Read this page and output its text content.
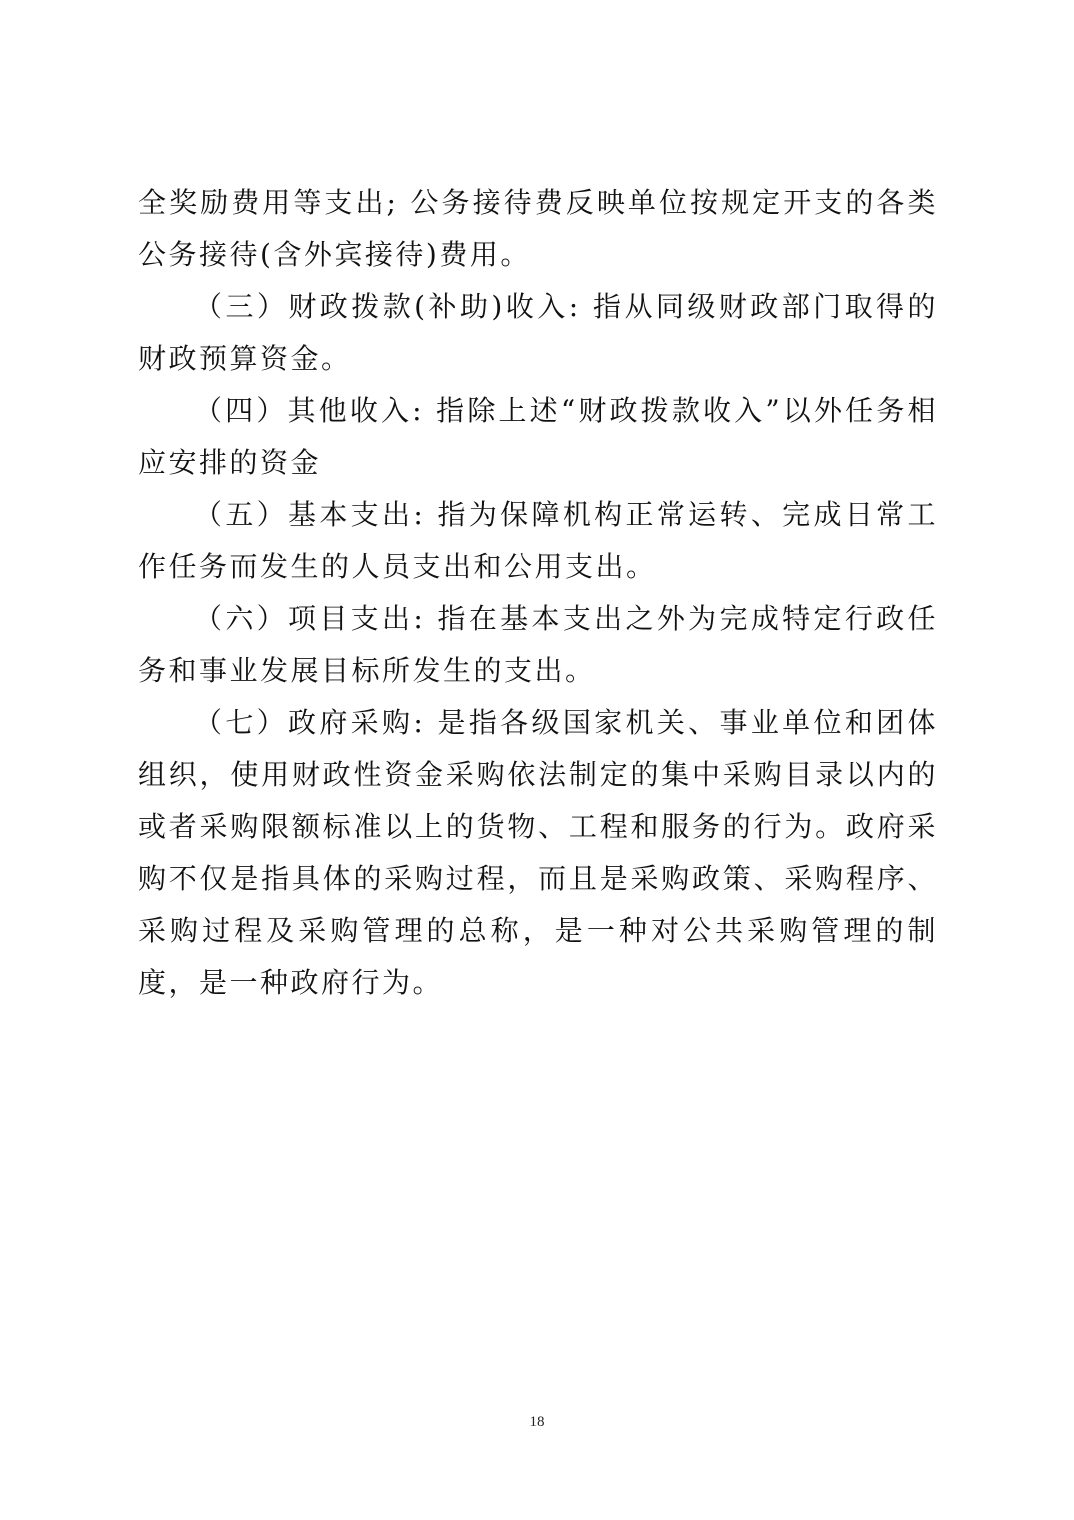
全奖励费用等支出; 公务接待费反映单位按规定开支的各类公务接待(含外宾接待)费用。

（三）财政拨款(补助)收入: 指从同级财政部门取得的财政预算资金。

（四）其他收入: 指除上述“财政拨款收入”以外任务相应安排的资金

（五）基本支出: 指为保障机构正常运转、完成日常工作任务而发生的人员支出和公用支出。

（六）项目支出: 指在基本支出之外为完成特定行政任务和事业发展目标所发生的支出。

（七）政府采购: 是指各级国家机关、事业单位和团体组织，使用财政性资金采购依法制定的集中采购目录以内的或者采购限额标准以上的货物、工程和服务的行为。政府采购不仅是指具体的采购过程，而且是采购政策、采购程序、采购过程及采购管理的总称，是一种对公共采购管理的制度，是一种政府行为。

18
